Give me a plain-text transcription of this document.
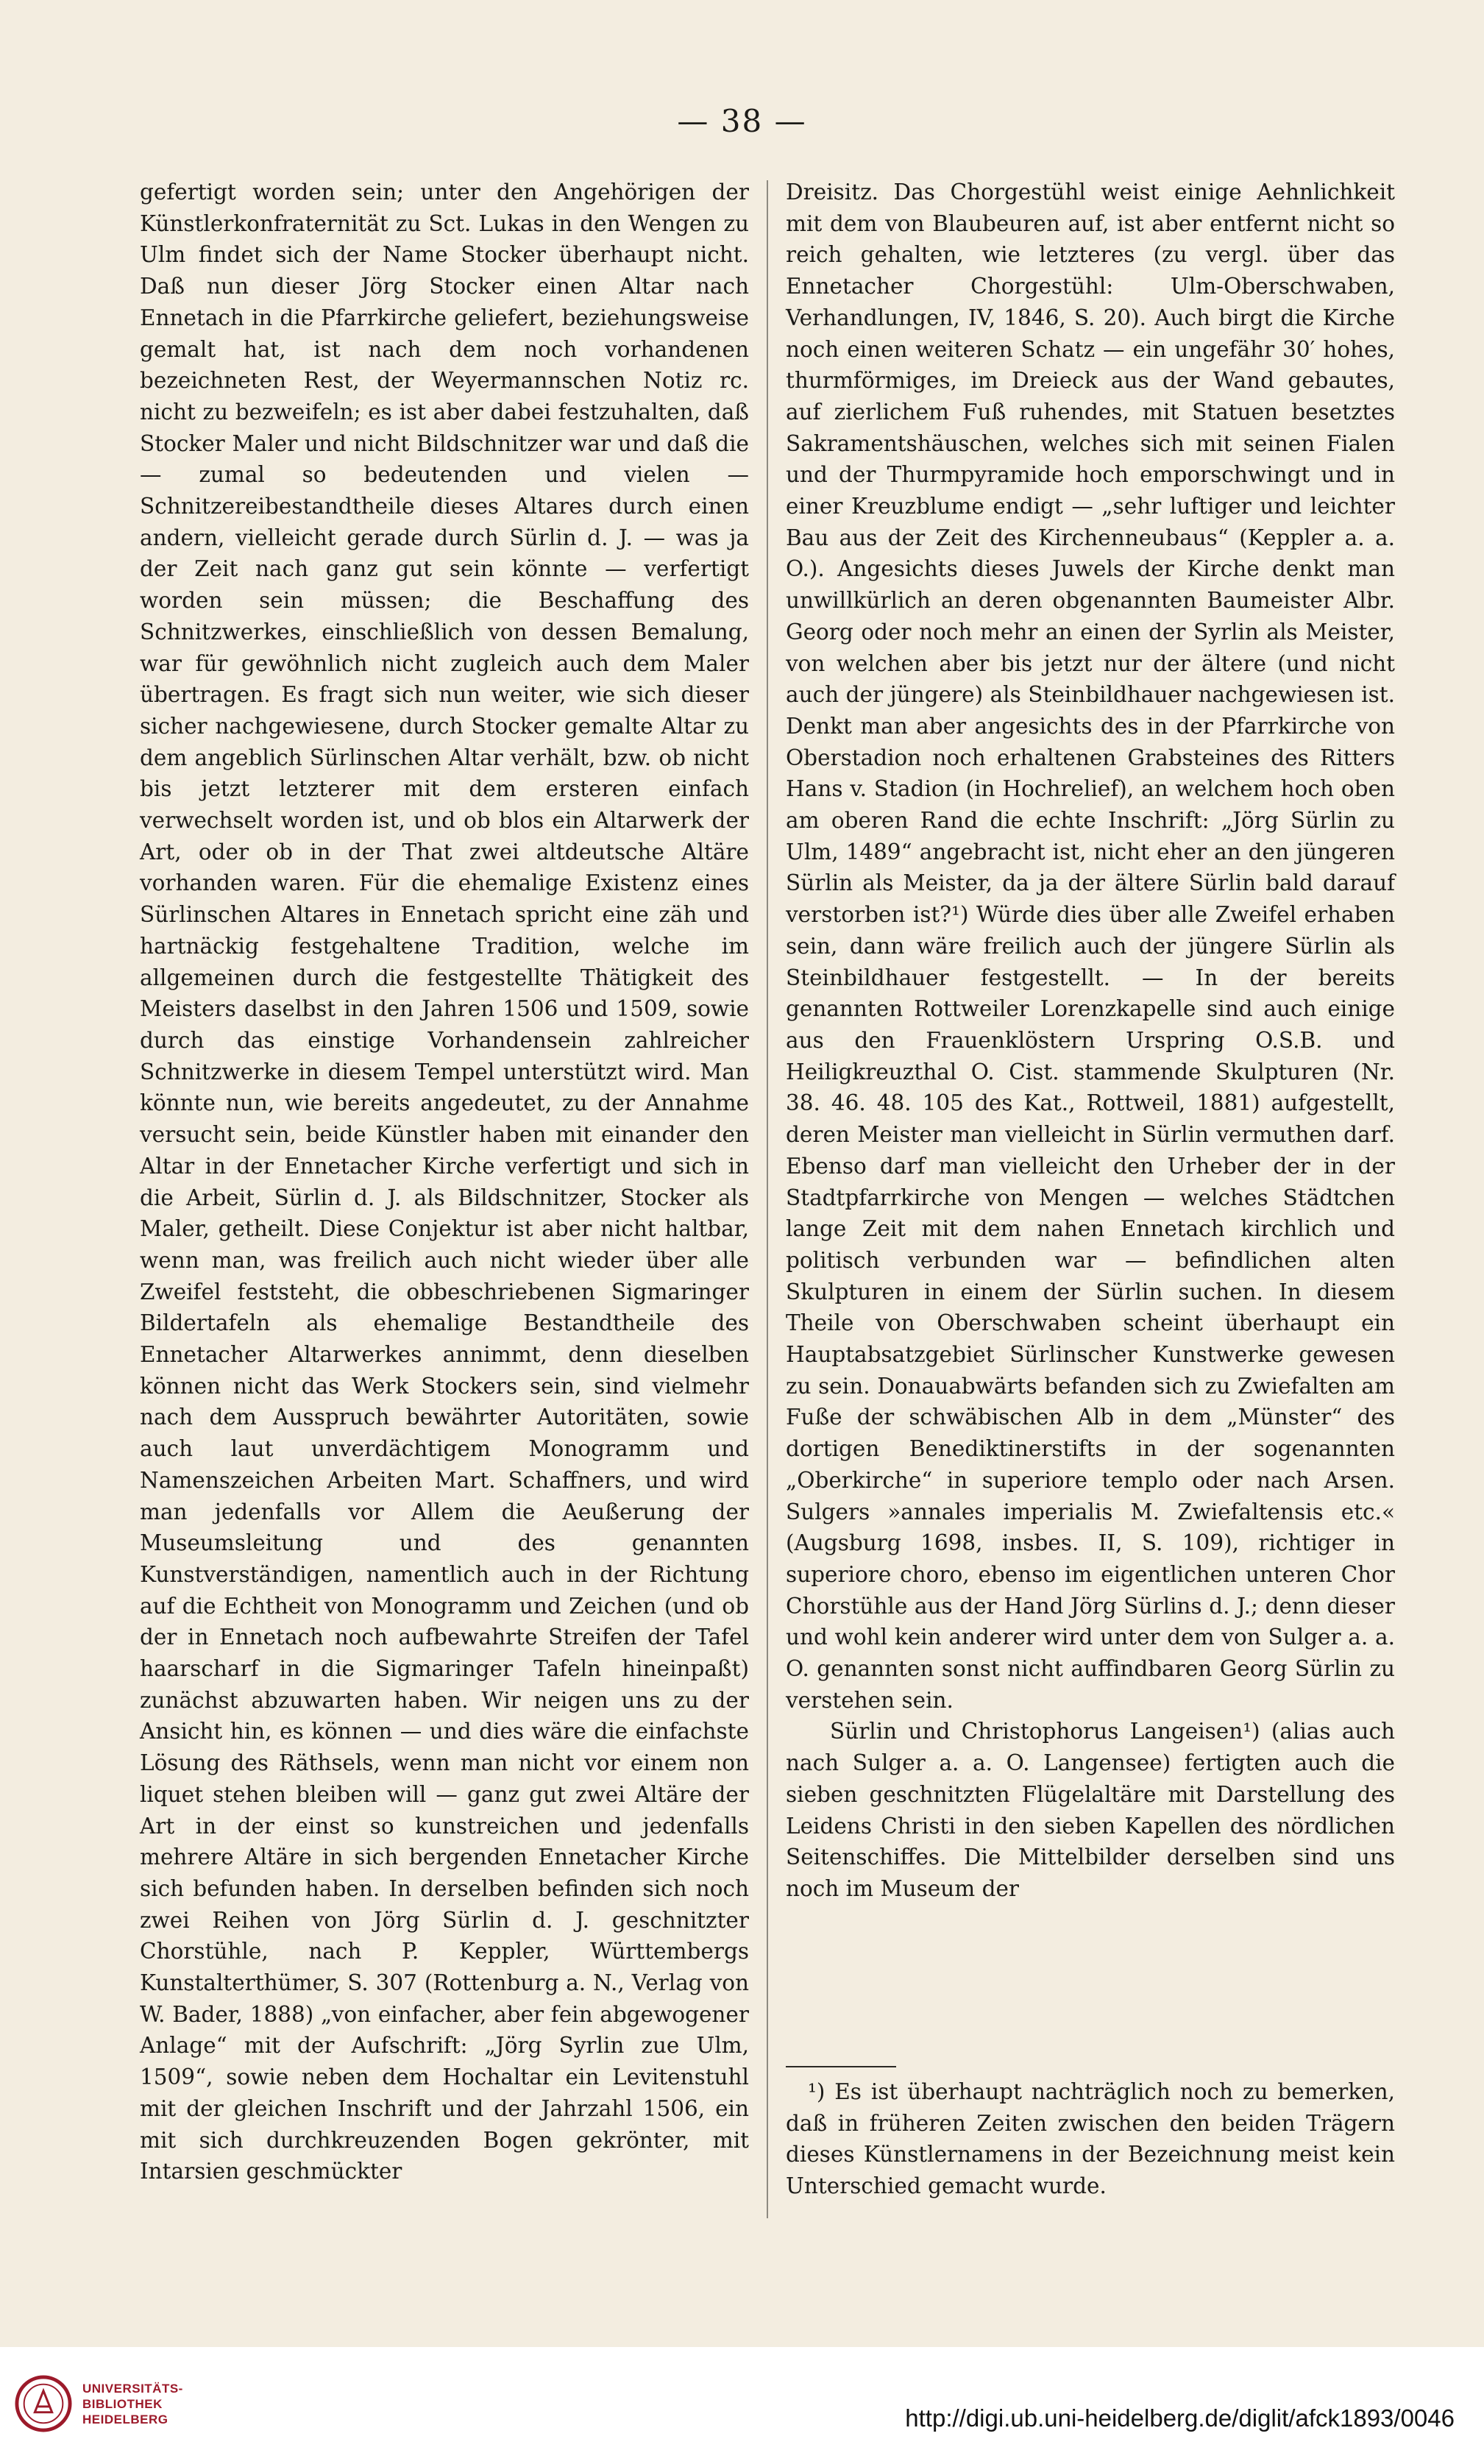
— 38 —

gefertigt worden sein; unter den Angehörigen der Künstlerkonfraternität zu Sct. Lukas in den Wengen zu Ulm findet sich der Name Stocker überhaupt nicht. Daß nun dieser Jörg Stocker einen Altar nach Ennetach in die Pfarrkirche geliefert, beziehungsweise gemalt hat, ist nach dem noch vorhandenen bezeichneten Rest, der Weyermannschen Notiz rc. nicht zu bezweifeln; es ist aber dabei festzuhalten, daß Stocker Maler und nicht Bildschnitzer war und daß die — zumal so bedeutenden und vielen — Schnitzereibestandtheile dieses Altares durch einen andern, vielleicht gerade durch Sürlin d. J. — was ja der Zeit nach ganz gut sein könnte — verfertigt worden sein müssen; die Beschaffung des Schnitzwerkes, einschließlich von dessen Bemalung, war für gewöhnlich nicht zugleich auch dem Maler übertragen. Es fragt sich nun weiter, wie sich dieser sicher nachgewiesene, durch Stocker gemalte Altar zu dem angeblich Sürlinschen Altar verhält, bzw. ob nicht bis jetzt letzterer mit dem ersteren einfach verwechselt worden ist, und ob blos ein Altarwerk der Art, oder ob in der That zwei altdeutsche Altäre vorhanden waren. Für die ehemalige Existenz eines Sürlinschen Altares in Ennetach spricht eine zäh und hartnäckig festgehaltene Tradition, welche im allgemeinen durch die festgestellte Thätigkeit des Meisters daselbst in den Jahren 1506 und 1509, sowie durch das einstige Vorhandensein zahlreicher Schnitzwerke in diesem Tempel unterstützt wird. Man könnte nun, wie bereits angedeutet, zu der Annahme versucht sein, beide Künstler haben mit einander den Altar in der Ennetacher Kirche verfertigt und sich in die Arbeit, Sürlin d. J. als Bildschnitzer, Stocker als Maler, getheilt. Diese Conjektur ist aber nicht haltbar, wenn man, was freilich auch nicht wieder über alle Zweifel feststeht, die obbeschriebenen Sigmaringer Bildertafeln als ehemalige Bestandtheile des Ennetacher Altarwerkes annimmt, denn dieselben können nicht das Werk Stockers sein, sind vielmehr nach dem Ausspruch bewährter Autoritäten, sowie auch laut unverdächtigem Monogramm und Namenszeichen Arbeiten Mart. Schaffners, und wird man jedenfalls vor Allem die Aeußerung der Museumsleitung und des genannten Kunstverständigen, namentlich auch in der Richtung auf die Echtheit von Monogramm und Zeichen (und ob der in Ennetach noch aufbewahrte Streifen der Tafel haarscharf in die Sigmaringer Tafeln hineinpaßt) zunächst abzuwarten haben. Wir neigen uns zu der Ansicht hin, es können — und dies wäre die einfachste Lösung des Räthsels, wenn man nicht vor einem non liquet stehen bleiben will — ganz gut zwei Altäre der Art in der einst so kunstreichen und jedenfalls mehrere Altäre in sich bergenden Ennetacher Kirche sich befunden haben. In derselben befinden sich noch zwei Reihen von Jörg Sürlin d. J. geschnitzter Chorstühle, nach P. Keppler, Württembergs Kunstalterthümer, S. 307 (Rottenburg a. N., Verlag von W. Bader, 1888) „von einfacher, aber fein abgewogener Anlage“ mit der Aufschrift: „Jörg Syrlin zue Ulm, 1509“, sowie neben dem Hochaltar ein Levitenstuhl mit der gleichen Inschrift und der Jahrzahl 1506, ein mit sich durchkreuzenden Bogen gekrönter, mit Intarsien geschmückter

Dreisitz. Das Chorgestühl weist einige Aehnlichkeit mit dem von Blaubeuren auf, ist aber entfernt nicht so reich gehalten, wie letzteres (zu vergl. über das Ennetacher Chorgestühl: Ulm-Oberschwaben, Verhandlungen, IV, 1846, S. 20). Auch birgt die Kirche noch einen weiteren Schatz — ein ungefähr 30′ hohes, thurmförmiges, im Dreieck aus der Wand gebautes, auf zierlichem Fuß ruhendes, mit Statuen besetztes Sakramentshäuschen, welches sich mit seinen Fialen und der Thurmpyramide hoch emporschwingt und in einer Kreuzblume endigt — „sehr luftiger und leichter Bau aus der Zeit des Kirchenneubaus“ (Keppler a. a. O.). Angesichts dieses Juwels der Kirche denkt man unwillkürlich an deren obgenannten Baumeister Albr. Georg oder noch mehr an einen der Syrlin als Meister, von welchen aber bis jetzt nur der ältere (und nicht auch der jüngere) als Steinbildhauer nachgewiesen ist. Denkt man aber angesichts des in der Pfarrkirche von Oberstadion noch erhaltenen Grabsteines des Ritters Hans v. Stadion (in Hochrelief), an welchem hoch oben am oberen Rand die echte Inschrift: „Jörg Sürlin zu Ulm, 1489“ angebracht ist, nicht eher an den jüngeren Sürlin als Meister, da ja der ältere Sürlin bald darauf verstorben ist?¹) Würde dies über alle Zweifel erhaben sein, dann wäre freilich auch der jüngere Sürlin als Steinbildhauer festgestellt. — In der bereits genannten Rottweiler Lorenzkapelle sind auch einige aus den Frauenklöstern Urspring O.S.B. und Heiligkreuzthal O. Cist. stammende Skulpturen (Nr. 38. 46. 48. 105 des Kat., Rottweil, 1881) aufgestellt, deren Meister man vielleicht in Sürlin vermuthen darf. Ebenso darf man vielleicht den Urheber der in der Stadtpfarrkirche von Mengen — welches Städtchen lange Zeit mit dem nahen Ennetach kirchlich und politisch verbunden war — befindlichen alten Skulpturen in einem der Sürlin suchen. In diesem Theile von Oberschwaben scheint überhaupt ein Hauptabsatzgebiet Sürlinscher Kunstwerke gewesen zu sein. Donauabwärts befanden sich zu Zwiefalten am Fuße der schwäbischen Alb in dem „Münster“ des dortigen Benediktinerstifts in der sogenannten „Oberkirche“ in superiore templo oder nach Arsen. Sulgers »annales imperialis M. Zwiefaltensis etc.« (Augsburg 1698, insbes. II, S. 109), richtiger in superiore choro, ebenso im eigentlichen unteren Chor Chorstühle aus der Hand Jörg Sürlins d. J.; denn dieser und wohl kein anderer wird unter dem von Sulger a. a. O. genannten sonst nicht auffindbaren Georg Sürlin zu verstehen sein.

Sürlin und Christophorus Langeisen¹) (alias auch nach Sulger a. a. O. Langensee) fertigten auch die sieben geschnitzten Flügelaltäre mit Darstellung des Leidens Christi in den sieben Kapellen des nördlichen Seitenschiffes. Die Mittelbilder derselben sind uns noch im Museum der

¹) Es ist überhaupt nachträglich noch zu bemerken, daß in früheren Zeiten zwischen den beiden Trägern dieses Künstlernamens in der Bezeichnung meist kein Unterschied gemacht wurde.

UNIVERSITÄTS-
BIBLIOTHEK
HEIDELBERG	http://digi.ub.uni-heidelberg.de/diglit/afck1893/0046
